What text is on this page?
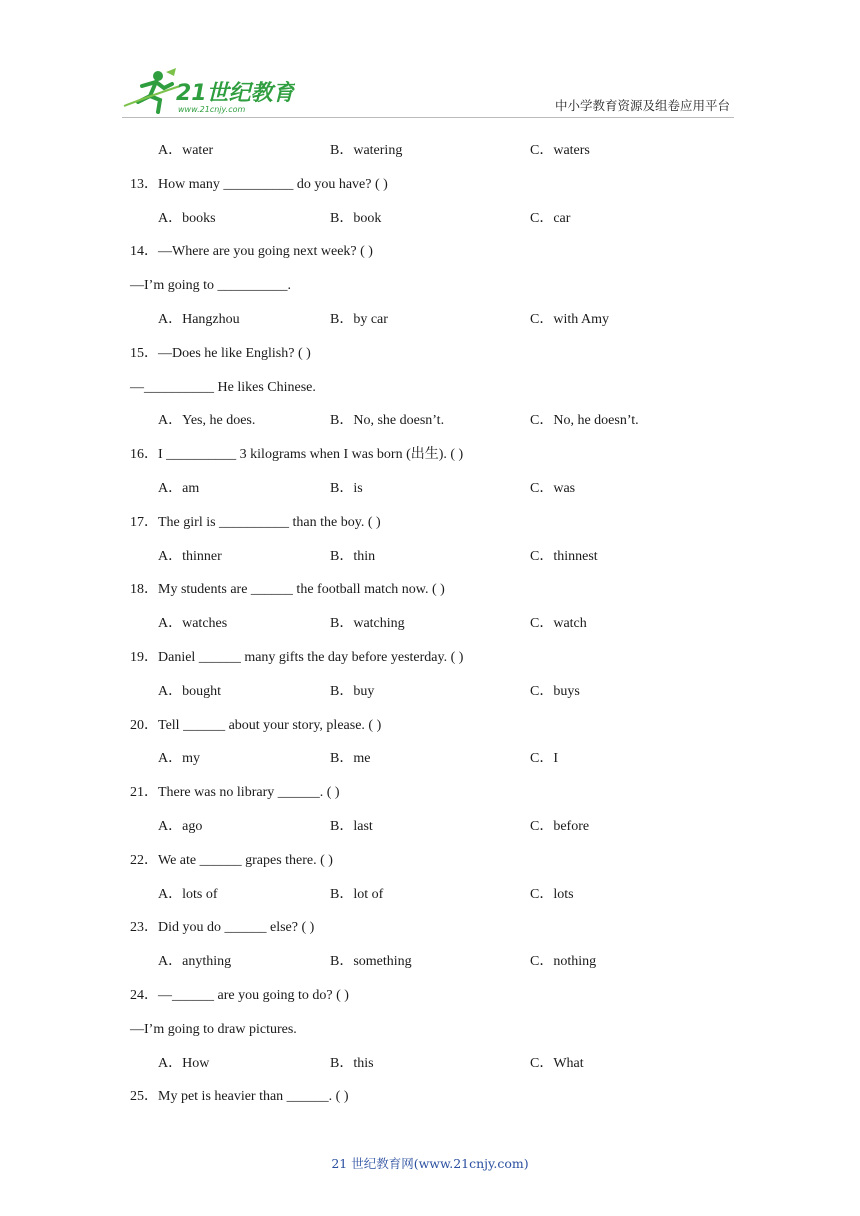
21世纪教育
www.21cnjy.com	中小学教育资源及组卷应用平台
A．water	B．watering	C．waters
13．How many __________ do you have? ( )
A．books	B．book	C．car
14．—Where are you going next week? ( )
—I’m going to __________.
A．Hangzhou	B．by car	C．with Amy
15．—Does he like English? ( )
—__________ He likes Chinese.
A．Yes, he does.	B．No, she doesn’t.	C．No, he doesn’t.
16．I __________ 3 kilograms when I was born (出生). ( )
A．am	B．is	C．was
17．The girl is __________ than the boy. ( )
A．thinner	B．thin	C．thinnest
18．My students are ______ the football match now. ( )
A．watches	B．watching	C．watch
19．Daniel ______ many gifts the day before yesterday. ( )
A．bought	B．buy	C．buys
20．Tell ______ about your story, please. ( )
A．my	B．me	C．I
21．There was no library ______. ( )
A．ago	B．last	C．before
22．We ate ______ grapes there. ( )
A．lots of	B．lot of	C．lots
23．Did you do ______ else? ( )
A．anything	B．something	C．nothing
24．—______ are you going to do? ( )
—I’m going to draw pictures.
A．How	B．this	C．What
25．My pet is heavier than ______. ( )
21 世纪教育网(www.21cnjy.com)
